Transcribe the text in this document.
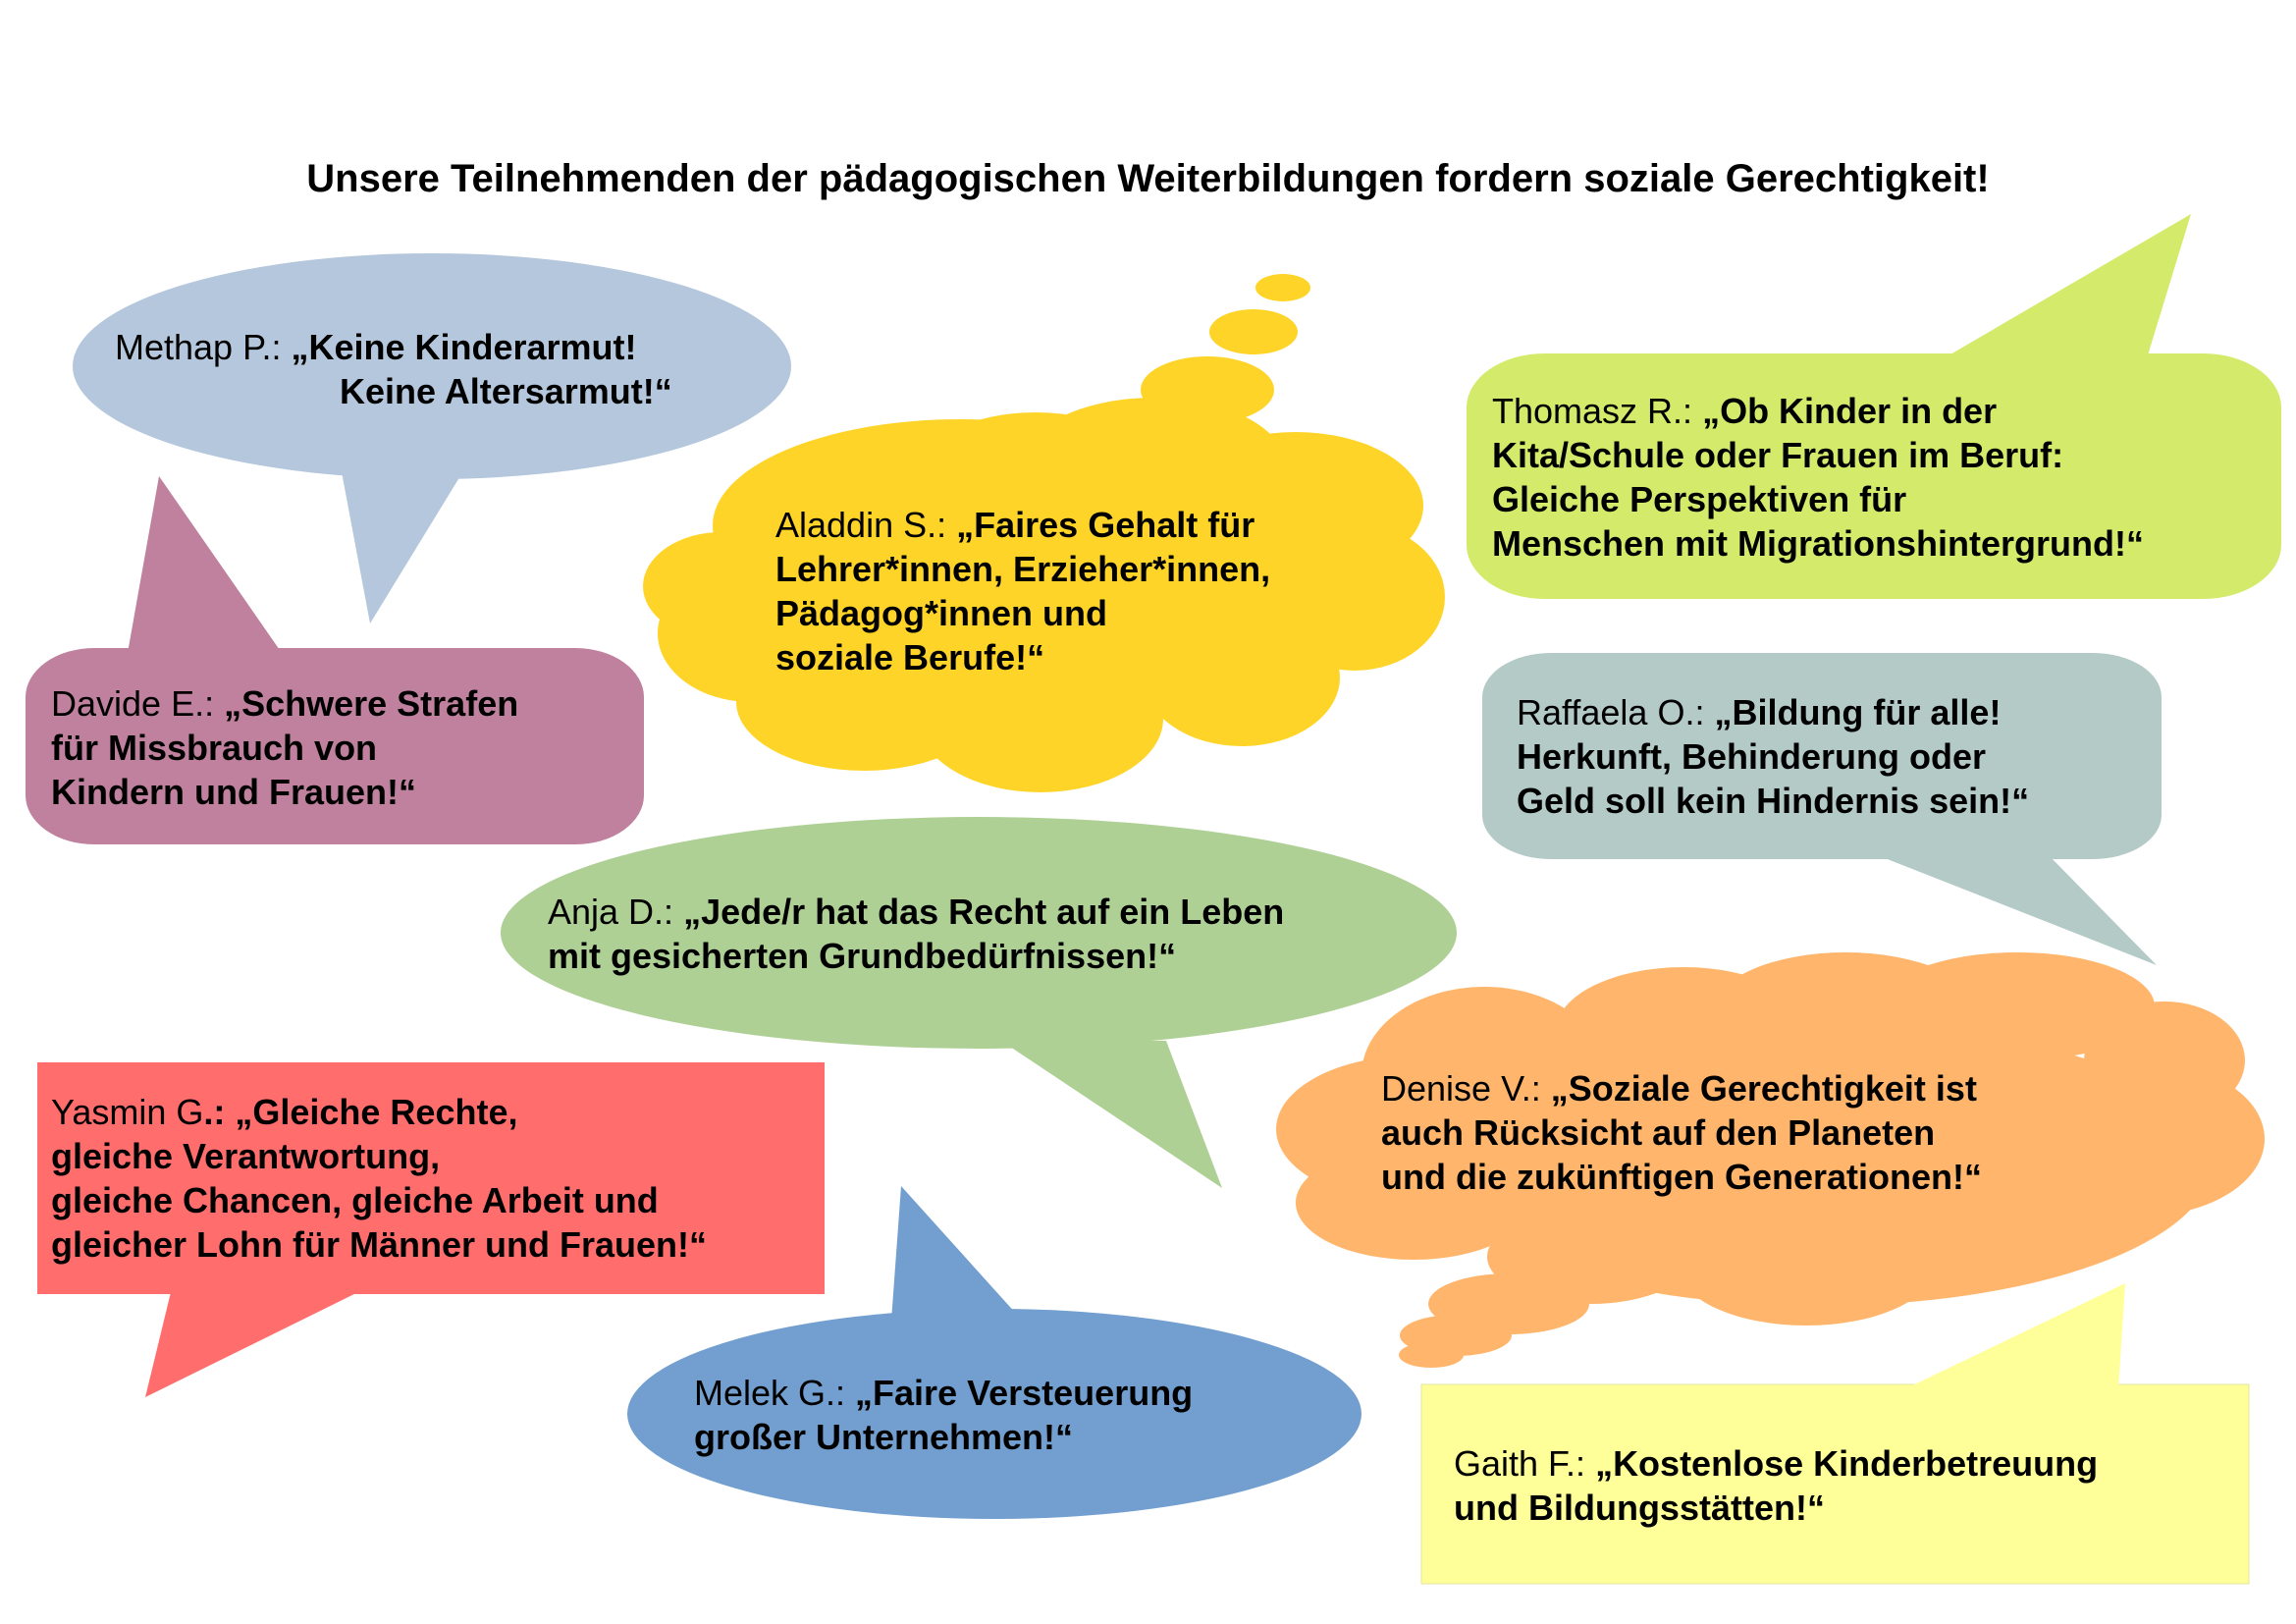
Unsere Teilnehmenden der pädagogischen Weiterbildungen fordern soziale Gerechtigkeit!
Methap P.: „Keine Kinderarmut!
Keine Altersarmut!“
Davide E.: „Schwere Strafen
für Missbrauch von
Kindern und Frauen!“
Aladdin S.: „Faires Gehalt für
Lehrer*innen, Erzieher*innen,
Pädagog*innen und
soziale Berufe!“
Thomasz R.: „Ob Kinder in der
Kita/Schule oder Frauen im Beruf:
Gleiche Perspektiven für
Menschen mit Migrationshintergrund!“
Raffaela O.: „Bildung für alle!
Herkunft, Behinderung oder
Geld soll kein Hindernis sein!“
Anja D.: „Jede/r hat das Recht auf ein Leben
mit gesicherten Grundbedürfnissen!“
Yasmin G.: „Gleiche Rechte,
gleiche Verantwortung,
gleiche Chancen, gleiche Arbeit und
gleicher Lohn für Männer und Frauen!“
Melek G.: „Faire Versteuerung
großer Unternehmen!“
Denise V.: „Soziale Gerechtigkeit ist
auch Rücksicht auf den Planeten
und die zukünftigen Generationen!“
Gaith F.: „Kostenlose Kinderbetreuung
und Bildungsstätten!“
